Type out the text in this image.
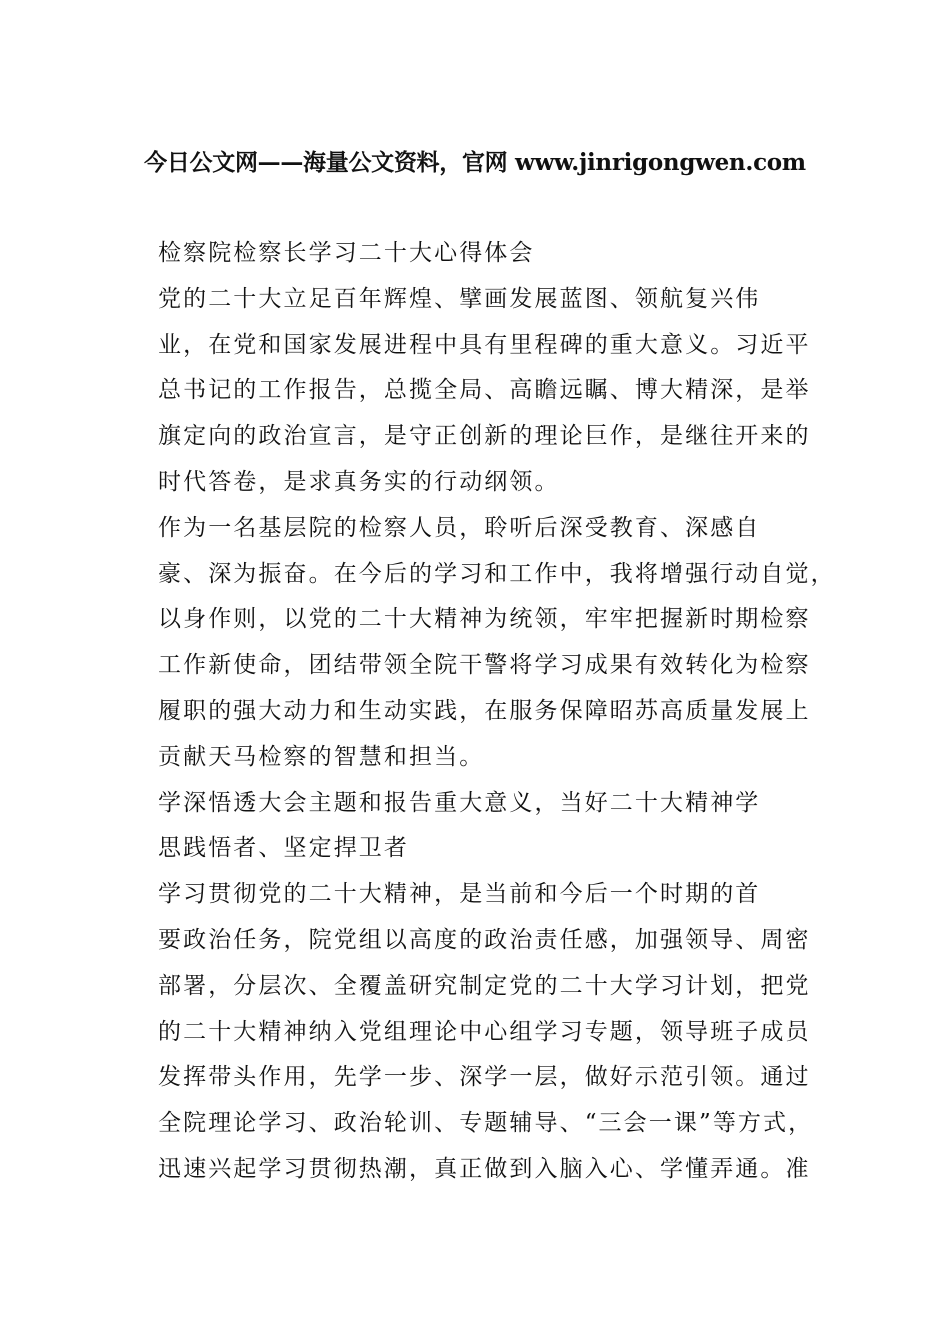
今日公文网——海量公文资料，官网 www.jinrigongwen.com
检察院检察长学习二十大心得体会
党的二十大立足百年辉煌、擘画发展蓝图、领航复兴伟
业，在党和国家发展进程中具有里程碑的重大意义。习近平
总书记的工作报告，总揽全局、高瞻远瞩、博大精深，是举
旗定向的政治宣言，是守正创新的理论巨作，是继往开来的
时代答卷，是求真务实的行动纲领。
作为一名基层院的检察人员，聆听后深受教育、深感自
豪、深为振奋。在今后的学习和工作中，我将增强行动自觉，
以身作则，以党的二十大精神为统领，牢牢把握新时期检察
工作新使命，团结带领全院干警将学习成果有效转化为检察
履职的强大动力和生动实践，在服务保障昭苏高质量发展上
贡献天马检察的智慧和担当。
学深悟透大会主题和报告重大意义，当好二十大精神学
思践悟者、坚定捍卫者
学习贯彻党的二十大精神，是当前和今后一个时期的首
要政治任务，院党组以高度的政治责任感，加强领导、周密
部署，分层次、全覆盖研究制定党的二十大学习计划，把党
的二十大精神纳入党组理论中心组学习专题，领导班子成员
发挥带头作用，先学一步、深学一层，做好示范引领。通过
全院理论学习、政治轮训、专题辅导、“三会一课”等方式，
迅速兴起学习贯彻热潮，真正做到入脑入心、学懂弄通。准
